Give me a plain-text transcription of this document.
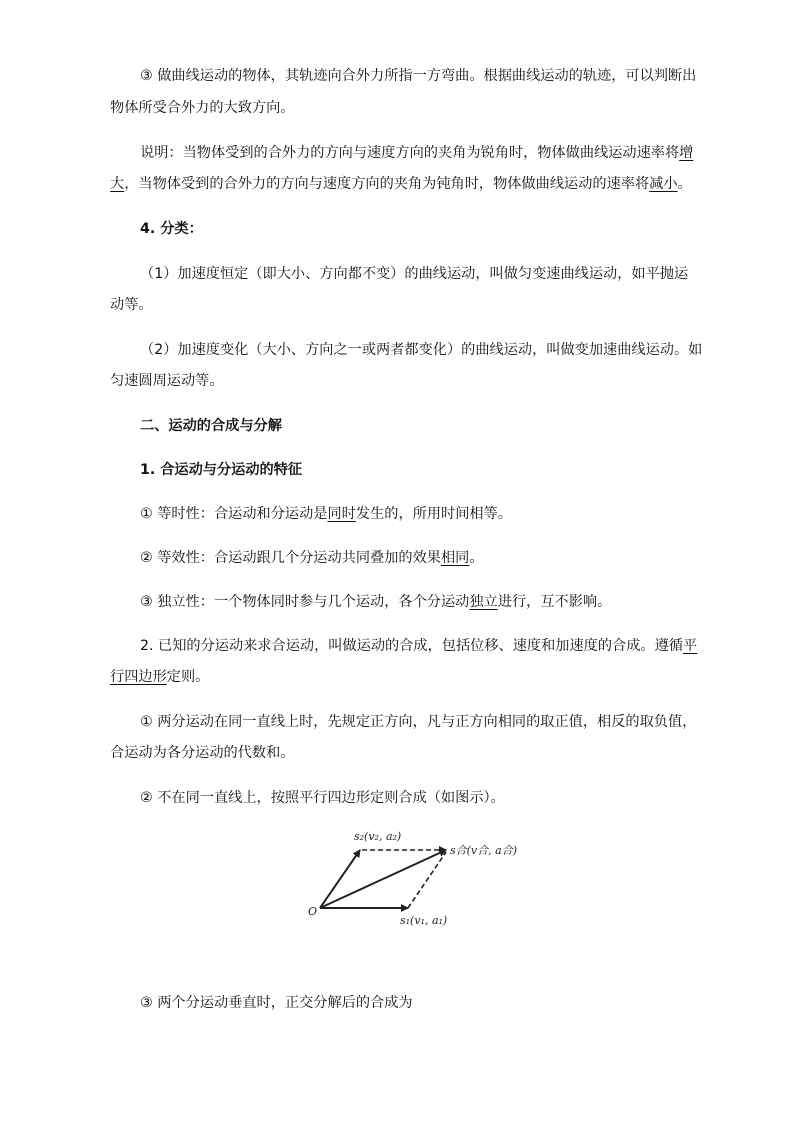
③ 做曲线运动的物体，其轨迹向合外力所指一方弯曲。根据曲线运动的轨迹，可以判断出
物体所受合外力的大致方向。
说明：当物体受到的合外力的方向与速度方向的夹角为锐角时，物体做曲线运动速率将增
大，当物体受到的合外力的方向与速度方向的夹角为钝角时，物体做曲线运动的速率将减小。
4. 分类：
（1）加速度恒定（即大小、方向都不变）的曲线运动，叫做匀变速曲线运动，如平抛运
动等。
（2）加速度变化（大小、方向之一或两者都变化）的曲线运动，叫做变加速曲线运动。如
匀速圆周运动等。
二、运动的合成与分解
1. 合运动与分运动的特征
① 等时性：合运动和分运动是同时发生的，所用时间相等。
② 等效性：合运动跟几个分运动共同叠加的效果相同。
③ 独立性：一个物体同时参与几个运动，各个分运动独立进行，互不影响。
2. 已知的分运动来求合运动，叫做运动的合成，包括位移、速度和加速度的合成。遵循平
行四边形定则。
① 两分运动在同一直线上时，先规定正方向，凡与正方向相同的取正值，相反的取负值，
合运动为各分运动的代数和。
② 不在同一直线上，按照平行四边形定则合成（如图示）。
O
s₂(v₂, a₂)
s合(v合, a合)
s₁(v₁, a₁)
③ 两个分运动垂直时，正交分解后的合成为
